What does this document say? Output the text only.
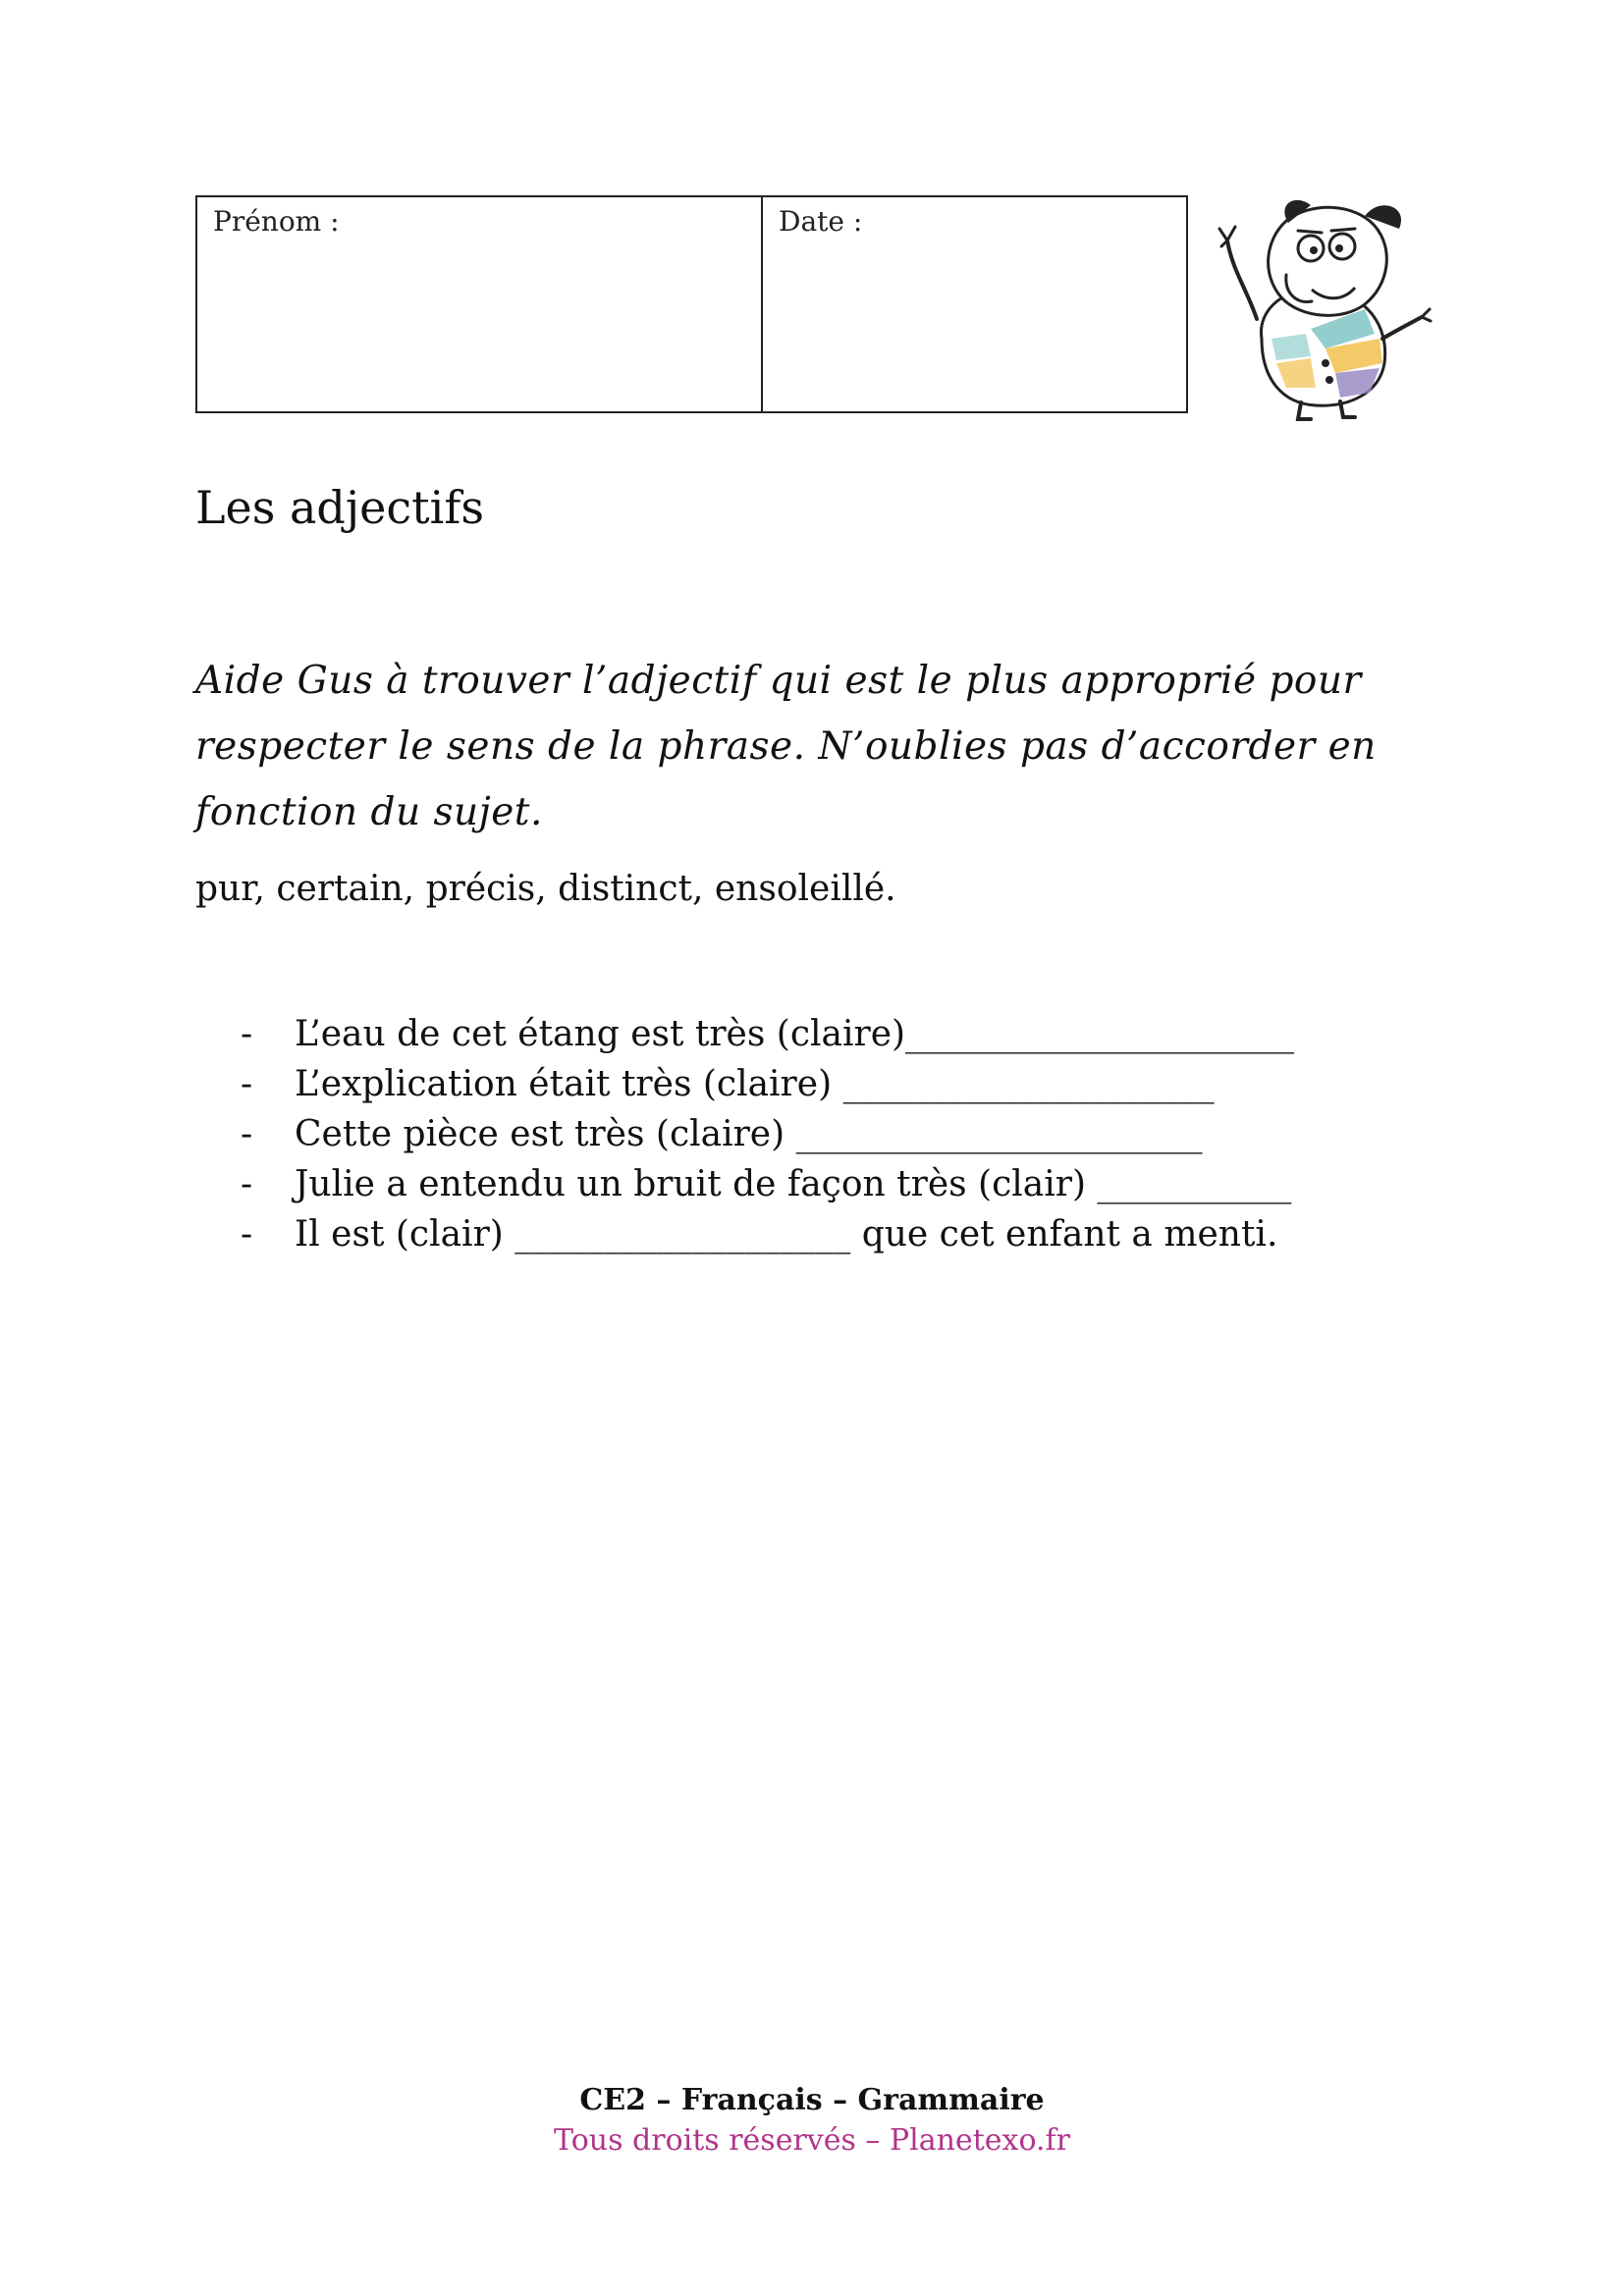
Prénom :	Date :
Les adjectifs
Aide Gus à trouver l’adjectif qui est le plus approprié pour
respecter le sens de la phrase. N’oublies pas d’accorder en
fonction du sujet.
pur, certain, précis, distinct, ensoleillé.
- L’eau de cet étang est très (claire)______________________
- L’explication était très (claire) _____________________
- Cette pièce est très (claire) _______________________
- Julie a entendu un bruit de façon très (clair) ___________
- Il est (clair) ___________________ que cet enfant a menti.
CE2 – Français – Grammaire
Tous droits réservés – Planetexo.fr
